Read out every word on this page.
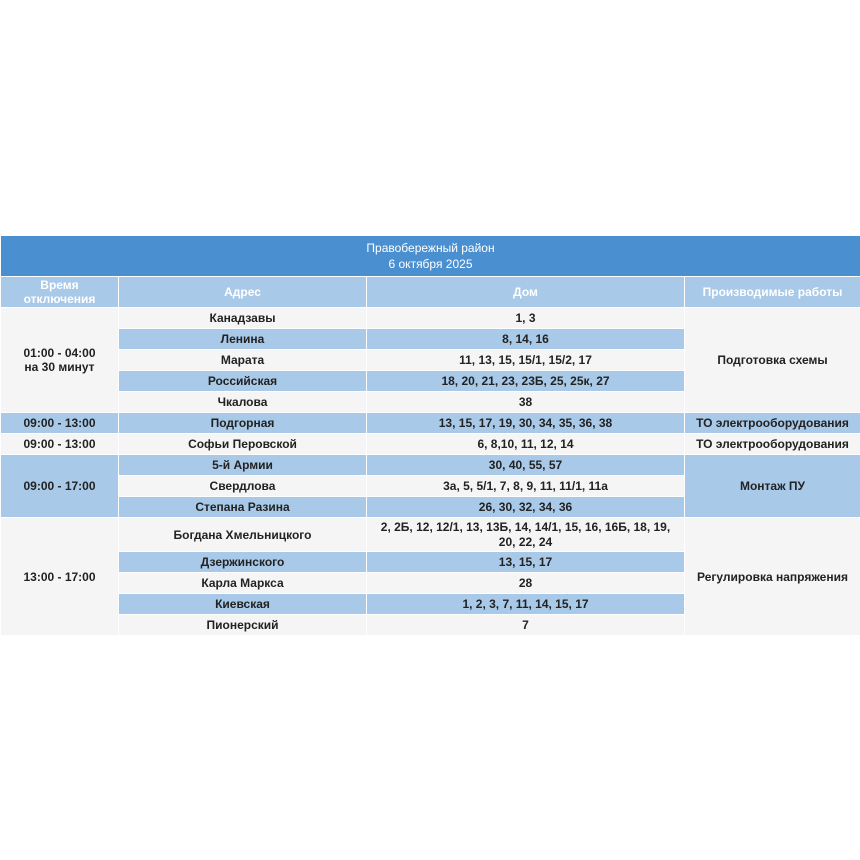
Правобережный район
6 октября 2025			

Время отключения	Адрес	Дом	Производимые работы

01:00 - 04:00
на 30 минут	Канадзавы	1, 3	Подготовка схемы
	Ленина	8, 14, 16	
	Марата	11, 13, 15, 15/1, 15/2, 17	
	Российская	18, 20, 21, 23, 23Б, 25, 25к, 27	
	Чкалова	38	
09:00 - 13:00	Подгорная	13, 15, 17, 19, 30, 34, 35, 36, 38	ТО электрооборудования
09:00 - 13:00	Софьи Перовской	6, 8,10, 11, 12, 14	ТО электрооборудования
09:00 - 17:00	5-й Армии	30, 40, 55, 57	Монтаж ПУ
	Свердлова	3а, 5, 5/1, 7, 8, 9, 11, 11/1, 11а	
	Степана Разина	26, 30, 32, 34, 36	
13:00 - 17:00	Богдана Хмельницкого	2, 2Б, 12, 12/1, 13, 13Б, 14, 14/1, 15, 16, 16Б, 18, 19, 20, 22, 24	Регулировка напряжения
	Дзержинского	13, 15, 17	
	Карла Маркса	28	
	Киевская	1, 2, 3, 7, 11, 14, 15, 17	
	Пионерский	7	
